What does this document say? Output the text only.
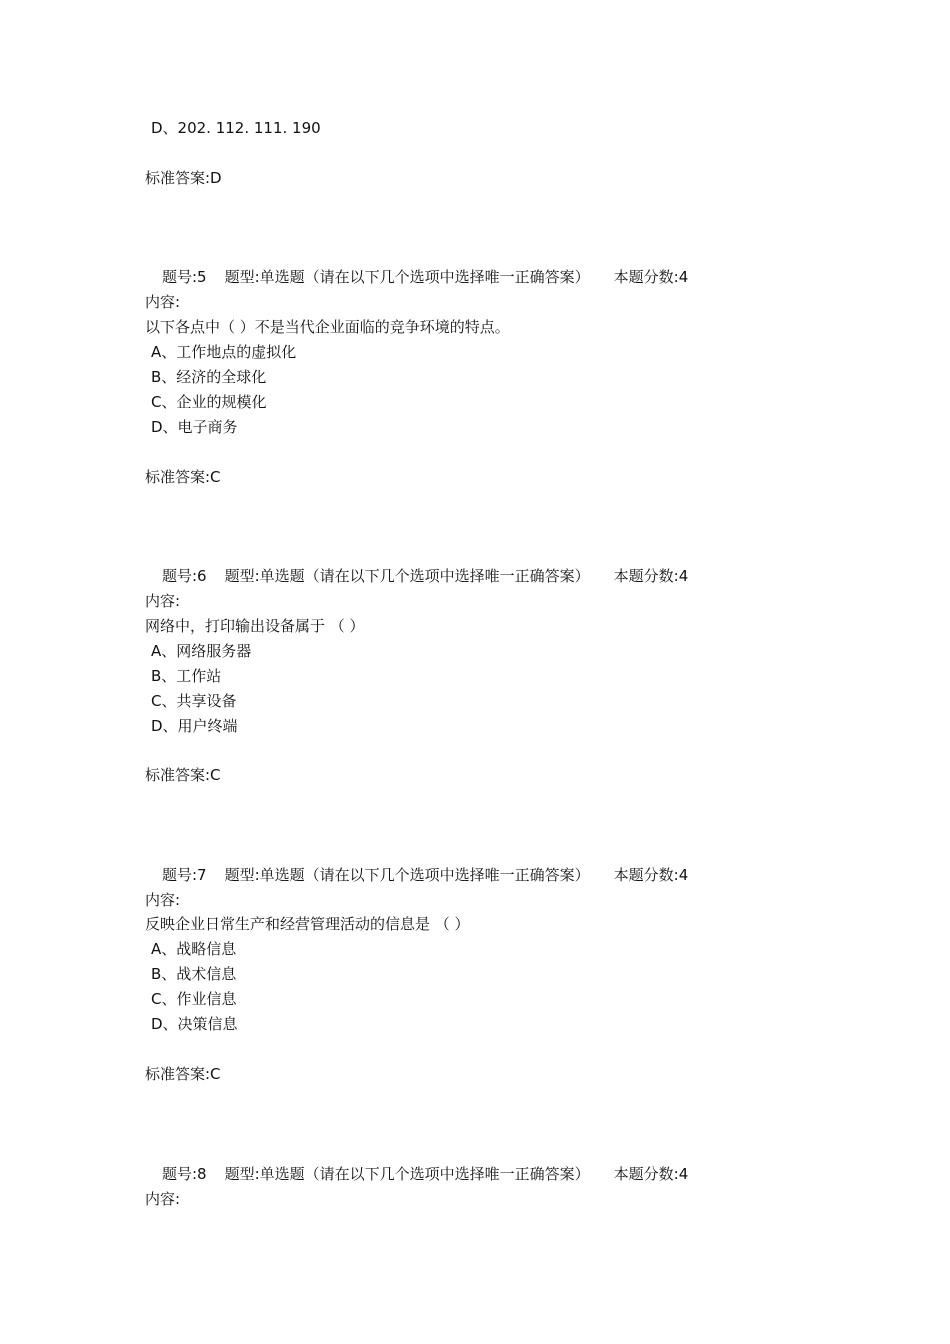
D、202. 112. 111. 190
标准答案:D
题号:5 题型:单选题（请在以下几个选项中选择唯一正确答案） 本题分数:4
内容:
以下各点中（ ）不是当代企业面临的竞争环境的特点。
A、工作地点的虚拟化
B、经济的全球化
C、企业的规模化
D、电子商务
标准答案:C
题号:6 题型:单选题（请在以下几个选项中选择唯一正确答案） 本题分数:4
内容:
网络中，打印输出设备属于 （ ）
A、网络服务器
B、工作站
C、共享设备
D、用户终端
标准答案:C
题号:7 题型:单选题（请在以下几个选项中选择唯一正确答案） 本题分数:4
内容:
反映企业日常生产和经营管理活动的信息是 （ ）
A、战略信息
B、战术信息
C、作业信息
D、决策信息
标准答案:C
题号:8 题型:单选题（请在以下几个选项中选择唯一正确答案） 本题分数:4
内容:
